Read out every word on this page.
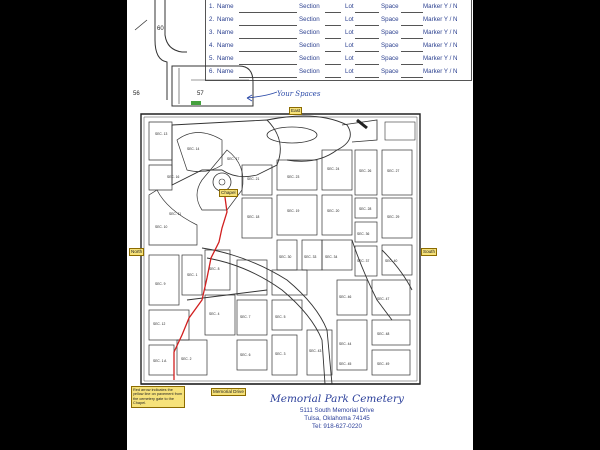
1. Name	Section	Lot	Space	Marker Y / N
2. Name	Section	Lot	Space	Marker Y / N
3. Name	Section	Lot	Space	Marker Y / N
4. Name	Section	Lot	Space	Marker Y / N
5. Name	Section	Lot	Space	Marker Y / N
6. Name	Section	Lot	Space	Marker Y / N
Your Spaces
60
56	57
SEC. 13
SEC. 14
SEC. 16
SEC. 11
SEC. 17
SEC. 18
SEC. 19	SEC. 20
SEC. 21	SEC. 23
SEC. 24	SEC. 26	SEC. 27
SEC. 28
SEC. 29
SEC. 30	SEC. 33	SEC. 34
SEC. 36
SEC. 37	SEC. 40
SEC. 46	SEC. 47
SEC. 48
SEC. 49
SEC. 9
SEC. 8
SEC. 4
SEC. 7
SEC. 6
SEC. 5
SEC. 3
SEC. 10
SEC. 12
SEC. 2
SEC. 1 A
SEC. 1
SEC. 43
SEC. 44
SEC. 45
East
North	South
Memorial Drive
Chapel
Red arrow indicates the yellow line on pavement from the cemetery gate to the Chapel.	Memorial Park Cemetery
5111 South Memorial Drive
Tulsa, Oklahoma 74145
Tel: 918-627-0220
